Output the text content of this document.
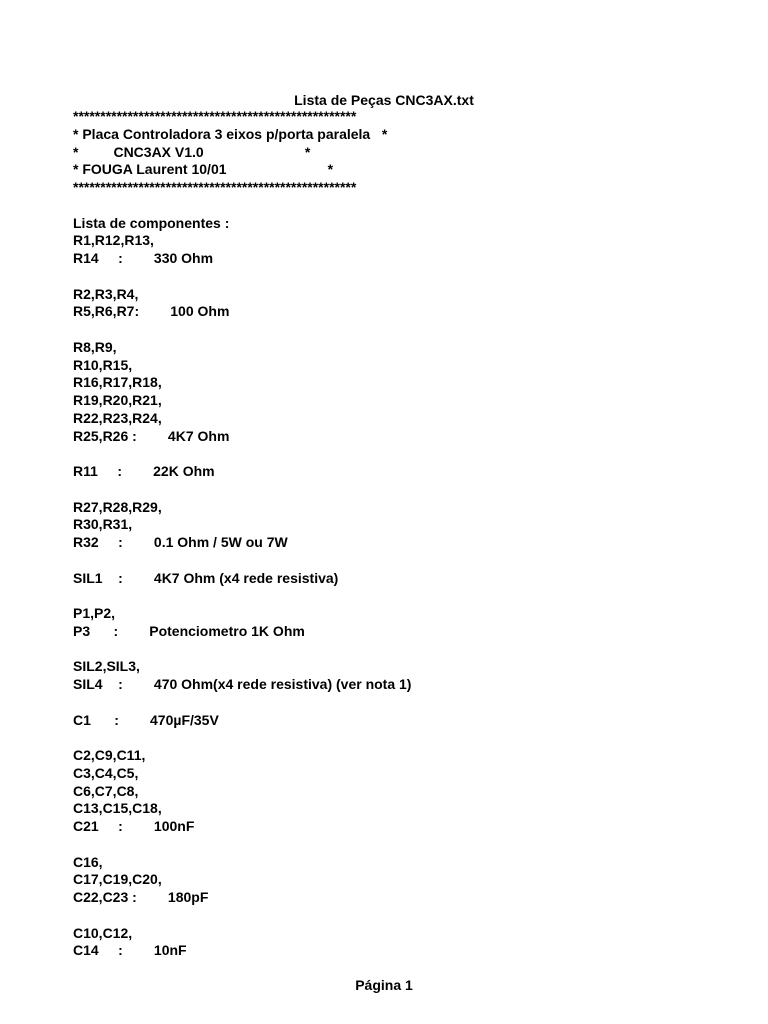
Lista de Peças CNC3AX.txt
****************************************************
* Placa Controladora 3 eixos p/porta paralela   *
*         CNC3AX V1.0                          *
* FOUGA Laurent 10/01                          *
****************************************************

Lista de componentes :
R1,R12,R13,
R14     :        330 Ohm

R2,R3,R4,
R5,R6,R7:        100 Ohm

R8,R9,
R10,R15,
R16,R17,R18,
R19,R20,R21,
R22,R23,R24,
R25,R26 :        4K7 Ohm

R11     :        22K Ohm

R27,R28,R29,
R30,R31,
R32     :        0.1 Ohm / 5W ou 7W

SIL1    :        4K7 Ohm (x4 rede resistiva)

P1,P2,
P3      :        Potenciometro 1K Ohm

SIL2,SIL3,
SIL4    :        470 Ohm(x4 rede resistiva) (ver nota 1)

C1      :        470µF/35V

C2,C9,C11,
C3,C4,C5,
C6,C7,C8,
C13,C15,C18,
C21     :        100nF

C16,
C17,C19,C20,
C22,C23 :        180pF

C10,C12,
C14     :        10nF
Página 1
